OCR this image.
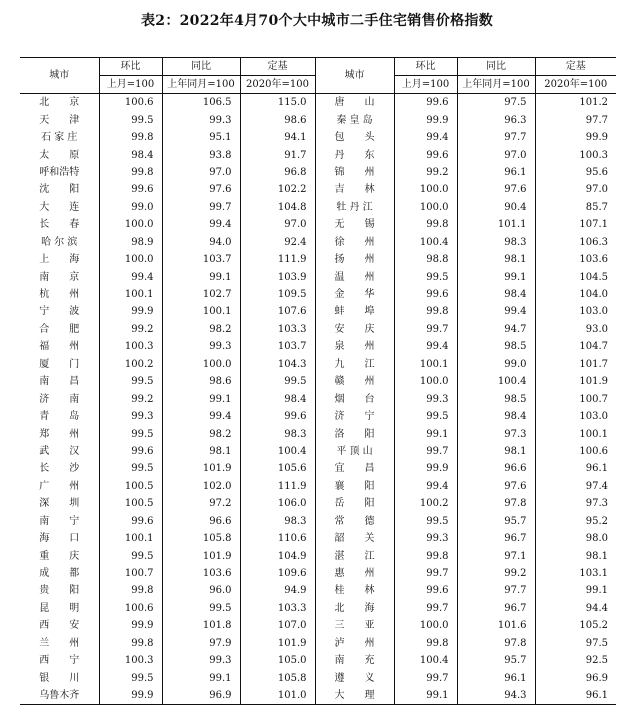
表2：2022年4月70个大中城市二手住宅销售价格指数
城市	环比	同比	定基	城市	环比	同比	定基
	上月=100	上年同月=100	2020年=100		上月=100	上年同月=100	2020年=100
北　　京	100.6	106.5	115.0	唐　　山	99.6	97.5	101.2
天　　津	99.5	99.3	98.6	秦 皇 岛	99.9	96.3	97.7
石 家 庄	99.8	95.1	94.1	包　　头	99.4	97.7	99.9
太　　原	98.4	93.8	91.7	丹　　东	99.6	97.0	100.3
呼和浩特	99.8	97.0	96.8	锦　　州	99.2	96.1	95.6
沈　　阳	99.6	97.6	102.2	吉　　林	100.0	97.6	97.0
大　　连	99.0	99.7	104.8	牡 丹 江	100.0	90.4	85.7
长　　春	100.0	99.4	97.0	无　　锡	99.8	101.1	107.1
哈 尔 滨	98.9	94.0	92.4	徐　　州	100.4	98.3	106.3
上　　海	100.0	103.7	111.9	扬　　州	98.8	98.1	103.6
南　　京	99.4	99.1	103.9	温　　州	99.5	99.1	104.5
杭　　州	100.1	102.7	109.5	金　　华	99.6	98.4	104.0
宁　　波	99.9	100.1	107.6	蚌　　埠	99.8	99.4	103.0
合　　肥	99.2	98.2	103.3	安　　庆	99.7	94.7	93.0
福　　州	100.3	99.3	103.7	泉　　州	99.4	98.5	104.7
厦　　门	100.2	100.0	104.3	九　　江	100.1	99.0	101.7
南　　昌	99.5	98.6	99.5	赣　　州	100.0	100.4	101.9
济　　南	99.2	99.1	98.4	烟　　台	99.3	98.5	100.7
青　　岛	99.3	99.4	99.6	济　　宁	99.5	98.4	103.0
郑　　州	99.5	98.2	98.3	洛　　阳	99.1	97.3	100.1
武　　汉	99.6	98.1	100.4	平 顶 山	99.7	98.1	100.6
长　　沙	99.5	101.9	105.6	宜　　昌	99.9	96.6	96.1
广　　州	100.5	102.0	111.9	襄　　阳	99.4	97.6	97.4
深　　圳	100.5	97.2	106.0	岳　　阳	100.2	97.8	97.3
南　　宁	99.6	96.6	98.3	常　　德	99.5	95.7	95.2
海　　口	100.1	105.8	110.6	韶　　关	99.3	96.7	98.0
重　　庆	99.5	101.9	104.9	湛　　江	99.8	97.1	98.1
成　　都	100.7	103.6	109.6	惠　　州	99.7	99.2	103.1
贵　　阳	99.8	96.0	94.9	桂　　林	99.6	97.7	99.1
昆　　明	100.6	99.5	103.3	北　　海	99.7	96.7	94.4
西　　安	99.9	101.8	107.0	三　　亚	100.0	101.6	105.2
兰　　州	99.8	97.9	101.9	泸　　州	99.8	97.8	97.5
西　　宁	100.3	99.3	105.0	南　　充	100.4	95.7	92.5
银　　川	99.5	99.1	105.8	遵　　义	99.7	96.1	96.9
乌鲁木齐	99.9	96.9	101.0	大　　理	99.1	94.3	96.1
